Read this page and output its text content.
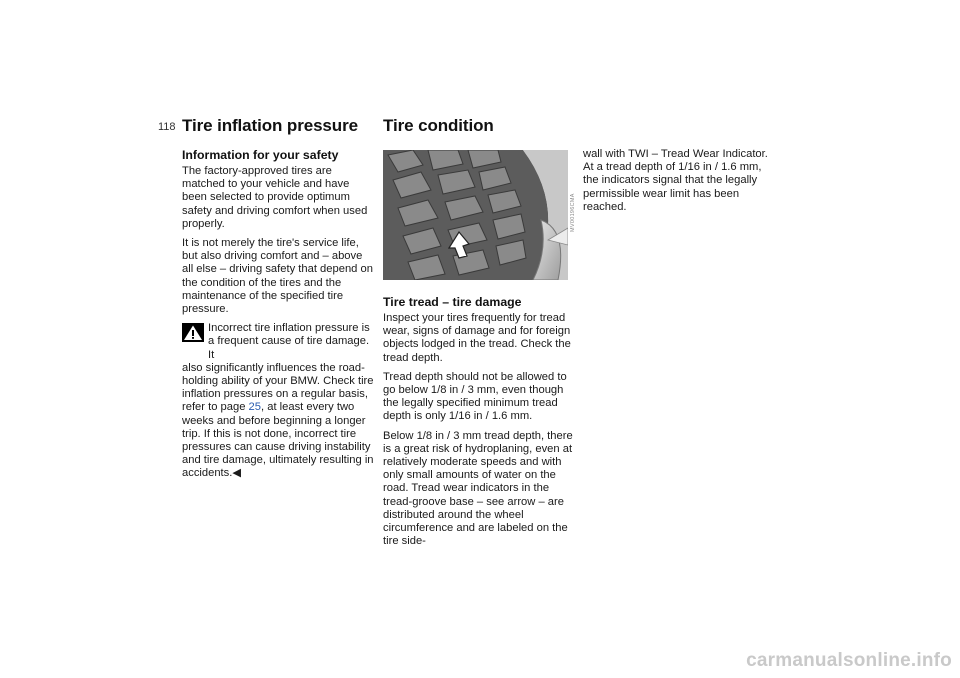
118 Tire inflation pressure Tire condition
Information for your safety

The factory-approved tires are matched to your vehicle and have been selected to provide optimum safety and driving comfort when used properly.

It is not merely the tire's service life, but also driving comfort and – above all else – driving safety that depend on the condition of the tires and the maintenance of the specified tire pressure.

Incorrect tire inflation pressure is a frequent cause of tire damage. It
also significantly influences the road-holding ability of your BMW. Check tire inflation pressures on a regular basis, refer to page 25, at least every two weeks and before beginning a longer trip. If this is not done, incorrect tire pressures can cause driving instability and tire damage, ultimately resulting in accidents.◀

MV00196CMA
Tire tread – tire damage

Inspect your tires frequently for tread wear, signs of damage and for foreign objects lodged in the tread. Check the tread depth.

Tread depth should not be allowed to go below 1/8 in / 3 mm, even though the legally specified minimum tread depth is only 1/16 in / 1.6 mm.

Below 1/8 in / 3 mm tread depth, there is a great risk of hydroplaning, even at relatively moderate speeds and with only small amounts of water on the road. Tread wear indicators in the tread-groove base – see arrow – are distributed around the wheel circumference and are labeled on the tire side-

wall with TWI – Tread Wear Indicator. At a tread depth of 1/16 in / 1.6 mm, the indicators signal that the legally permissible wear limit has been reached.

carmanualsonline.info
